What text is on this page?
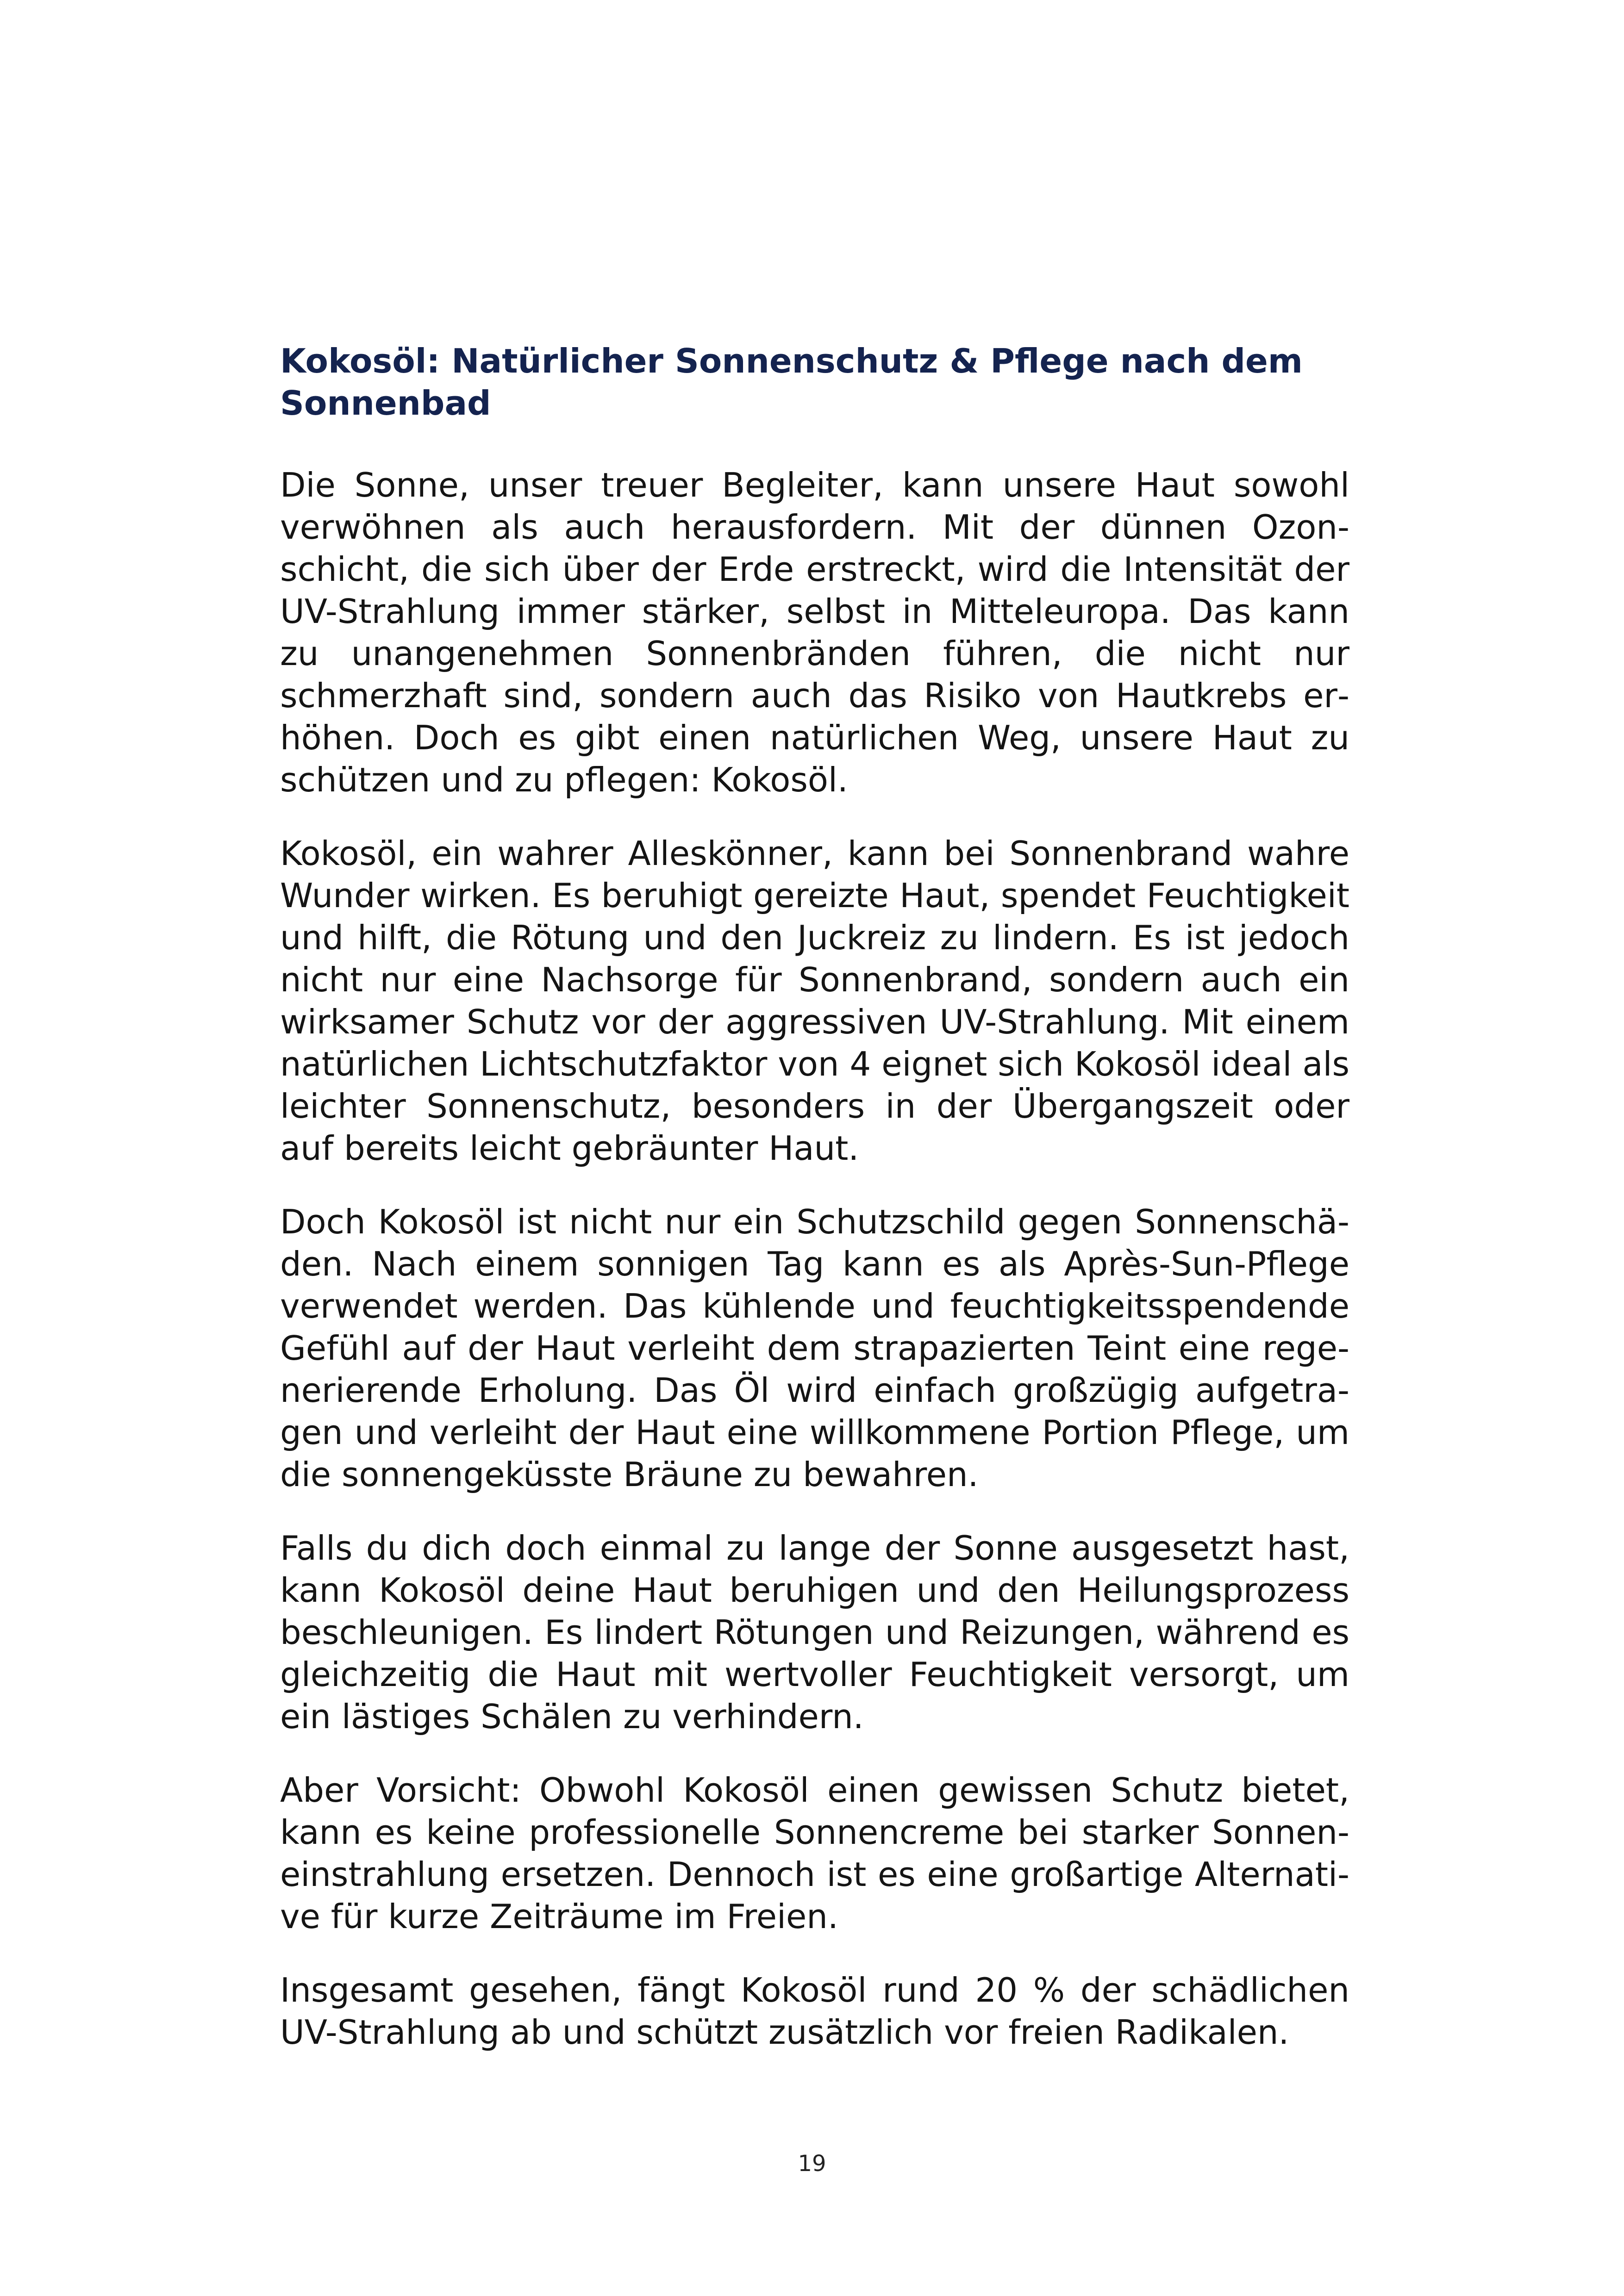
Kokosöl: Natürlicher Sonnenschutz & Pflege nach dem Sonnenbad

Die Sonne, unser treuer Begleiter, kann unsere Haut sowohl verwöhnen als auch herausfordern. Mit der dünnen Ozonschicht, die sich über der Erde erstreckt, wird die Intensität der UV-Strahlung immer stärker, selbst in Mitteleuropa. Das kann zu unangenehmen Sonnenbränden führen, die nicht nur schmerzhaft sind, sondern auch das Risiko von Hautkrebs erhöhen. Doch es gibt einen natürlichen Weg, unsere Haut zu schützen und zu pflegen: Kokosöl.

Kokosöl, ein wahrer Alleskönner, kann bei Sonnenbrand wahre Wunder wirken. Es beruhigt gereizte Haut, spendet Feuchtigkeit und hilft, die Rötung und den Juckreiz zu lindern. Es ist jedoch nicht nur eine Nachsorge für Sonnenbrand, sondern auch ein wirksamer Schutz vor der aggressiven UV-Strahlung. Mit einem natürlichen Lichtschutzfaktor von 4 eignet sich Kokosöl ideal als leichter Sonnenschutz, besonders in der Übergangszeit oder auf bereits leicht gebräunter Haut.

Doch Kokosöl ist nicht nur ein Schutzschild gegen Sonnenschäden. Nach einem sonnigen Tag kann es als Après-Sun-Pflege verwendet werden. Das kühlende und feuchtigkeitsspendende Gefühl auf der Haut verleiht dem strapazierten Teint eine regenerierende Erholung. Das Öl wird einfach großzügig aufgetragen und verleiht der Haut eine willkommene Portion Pflege, um die sonnengeküsste Bräune zu bewahren.

Falls du dich doch einmal zu lange der Sonne ausgesetzt hast, kann Kokosöl deine Haut beruhigen und den Heilungsprozess beschleunigen. Es lindert Rötungen und Reizungen, während es gleichzeitig die Haut mit wertvoller Feuchtigkeit versorgt, um ein lästiges Schälen zu verhindern.

Aber Vorsicht: Obwohl Kokosöl einen gewissen Schutz bietet, kann es keine professionelle Sonnencreme bei starker Sonneneinstrahlung ersetzen. Dennoch ist es eine großartige Alternative für kurze Zeiträume im Freien.

Insgesamt gesehen, fängt Kokosöl rund 20 % der schädlichen UV-Strahlung ab und schützt zusätzlich vor freien Radikalen.

19
